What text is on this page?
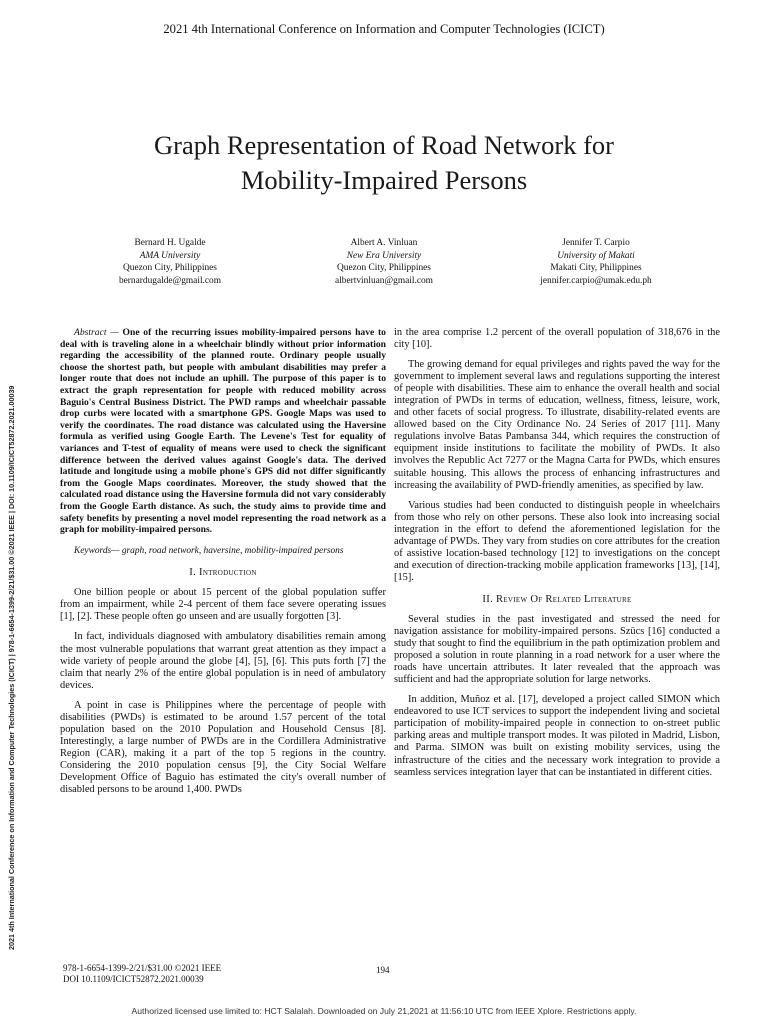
2021 4th International Conference on Information and Computer Technologies (ICICT)
2021 4th International Conference on Information and Computer Technologies (ICICT) | 978-1-6654-1399-2/21/$31.00 ©2021 IEEE | DOI: 10.1109/ICICT52872.2021.00039
Graph Representation of Road Network for
Mobility-Impaired Persons
Bernard H. Ugalde
AMA University
Quezon City, Philippines
bernardugalde@gmail.com
Albert A. Vinluan
New Era University
Quezon City, Philippines
albertvinluan@gmail.com
Jennifer T. Carpio
University of Makati
Makati City, Philippines
jennifer.carpio@umak.edu.ph

Abstract — One of the recurring issues mobility-impaired persons have to deal with is traveling alone in a wheelchair blindly without prior information regarding the accessibility of the planned route. Ordinary people usually choose the shortest path, but people with ambulant disabilities may prefer a longer route that does not include an uphill. The purpose of this paper is to extract the graph representation for people with reduced mobility across Baguio's Central Business District. The PWD ramps and wheelchair passable drop curbs were located with a smartphone GPS. Google Maps was used to verify the coordinates. The road distance was calculated using the Haversine formula as verified using Google Earth. The Levene's Test for equality of variances and T-test of equality of means were used to check the significant difference between the derived values against Google's data. The derived latitude and longitude using a mobile phone's GPS did not differ significantly from the Google Maps coordinates. Moreover, the study showed that the calculated road distance using the Haversine formula did not vary considerably from the Google Earth distance. As such, the study aims to provide time and safety benefits by presenting a novel model representing the road network as a graph for mobility-impaired persons.

Keywords— graph, road network, haversine, mobility-impaired persons

I. Introduction

One billion people or about 15 percent of the global population suffer from an impairment, while 2-4 percent of them face severe operating issues [1], [2]. These people often go unseen and are usually forgotten [3].

In fact, individuals diagnosed with ambulatory disabilities remain among the most vulnerable populations that warrant great attention as they impact a wide variety of people around the globe [4], [5], [6]. This puts forth [7] the claim that nearly 2% of the entire global population is in need of ambulatory devices.

A point in case is Philippines where the percentage of people with disabilities (PWDs) is estimated to be around 1.57 percent of the total population based on the 2010 Population and Household Census [8]. Interestingly, a large number of PWDs are in the Cordillera Administrative Region (CAR), making it a part of the top 5 regions in the country. Considering the 2010 population census [9], the City Social Welfare Development Office of Baguio has estimated the city's overall number of disabled persons to be around 1,400. PWDs

in the area comprise 1.2 percent of the overall population of 318,676 in the city [10].

The growing demand for equal privileges and rights paved the way for the government to implement several laws and regulations supporting the interest of people with disabilities. These aim to enhance the overall health and social integration of PWDs in terms of education, wellness, fitness, leisure, work, and other facets of social progress. To illustrate, disability-related events are allowed based on the City Ordinance No. 24 Series of 2017 [11]. Many regulations involve Batas Pambansa 344, which requires the construction of equipment inside institutions to facilitate the mobility of PWDs. It also involves the Republic Act 7277 or the Magna Carta for PWDs, which ensures suitable housing. This allows the process of enhancing infrastructures and increasing the availability of PWD-friendly amenities, as specified by law.

Various studies had been conducted to distinguish people in wheelchairs from those who rely on other persons. These also look into increasing social integration in the effort to defend the aforementioned legislation for the advantage of PWDs. They vary from studies on core attributes for the creation of assistive location-based technology [12] to investigations on the concept and execution of direction-tracking mobile application frameworks [13], [14], [15].

II. Review Of Related Literature

Several studies in the past investigated and stressed the need for navigation assistance for mobility-impaired persons. Szücs [16] conducted a study that sought to find the equilibrium in the path optimization problem and proposed a solution in route planning in a road network for a user where the roads have uncertain attributes. It later revealed that the approach was sufficient and had the appropriate solution for large networks.

In addition, Muñoz et al. [17], developed a project called SIMON which endeavored to use ICT services to support the independent living and societal participation of mobility-impaired people in connection to on-street public parking areas and multiple transport modes. It was piloted in Madrid, Lisbon, and Parma. SIMON was built on existing mobility services, using the infrastructure of the cities and the necessary work integration to provide a seamless services integration layer that can be instantiated in different cities.

978-1-6654-1399-2/21/$31.00 ©2021 IEEE
DOI 10.1109/ICICT52872.2021.00039
194
Authorized licensed use limited to: HCT Salalah. Downloaded on July 21,2021 at 11:56:10 UTC from IEEE Xplore. Restrictions apply.
